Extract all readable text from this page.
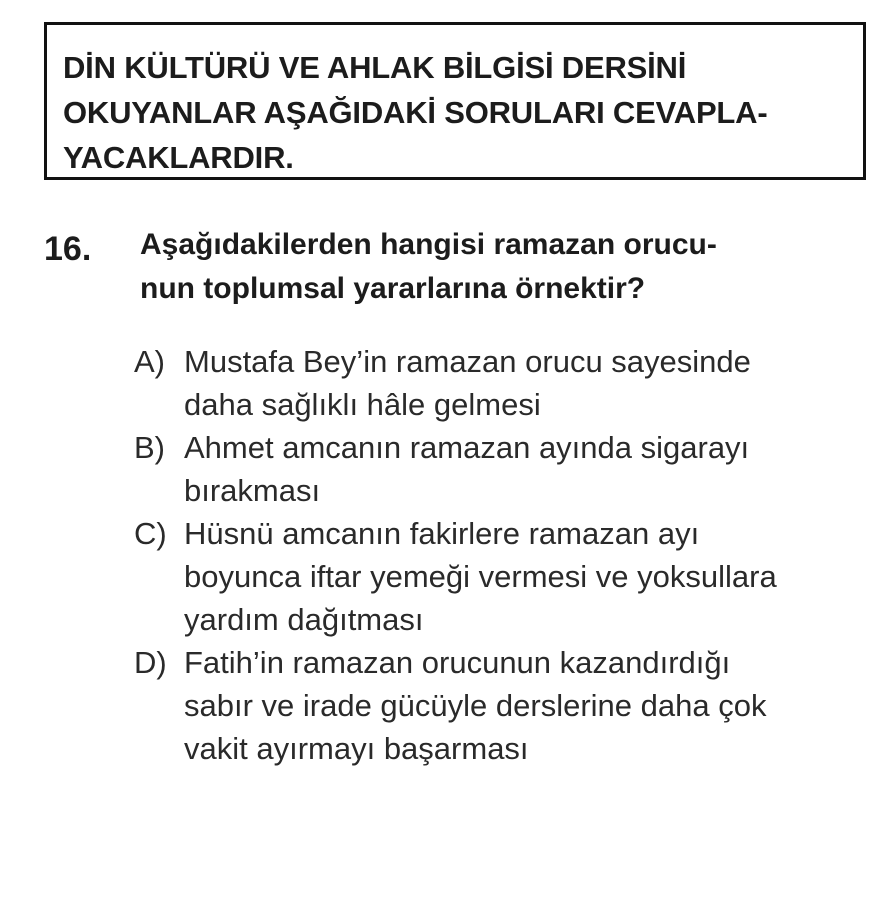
DİN KÜLTÜRÜ VE AHLAK BİLGİSİ DERSİNİ
OKUYANLAR AŞAĞIDAKİ SORULARI CEVAPLA-
YACAKLARDIR.
16. Aşağıdakilerden hangisi ramazan orucu-
nun toplumsal yararlarına örnektir?
A) Mustafa Bey’in ramazan orucu sayesinde
daha sağlıklı hâle gelmesi
B) Ahmet amcanın ramazan ayında sigarayı
bırakması
C) Hüsnü amcanın fakirlere ramazan ayı
boyunca iftar yemeği vermesi ve yoksullara
yardım dağıtması
D) Fatih’in ramazan orucunun kazandırdığı
sabır ve irade gücüyle derslerine daha çok
vakit ayırmayı başarması
